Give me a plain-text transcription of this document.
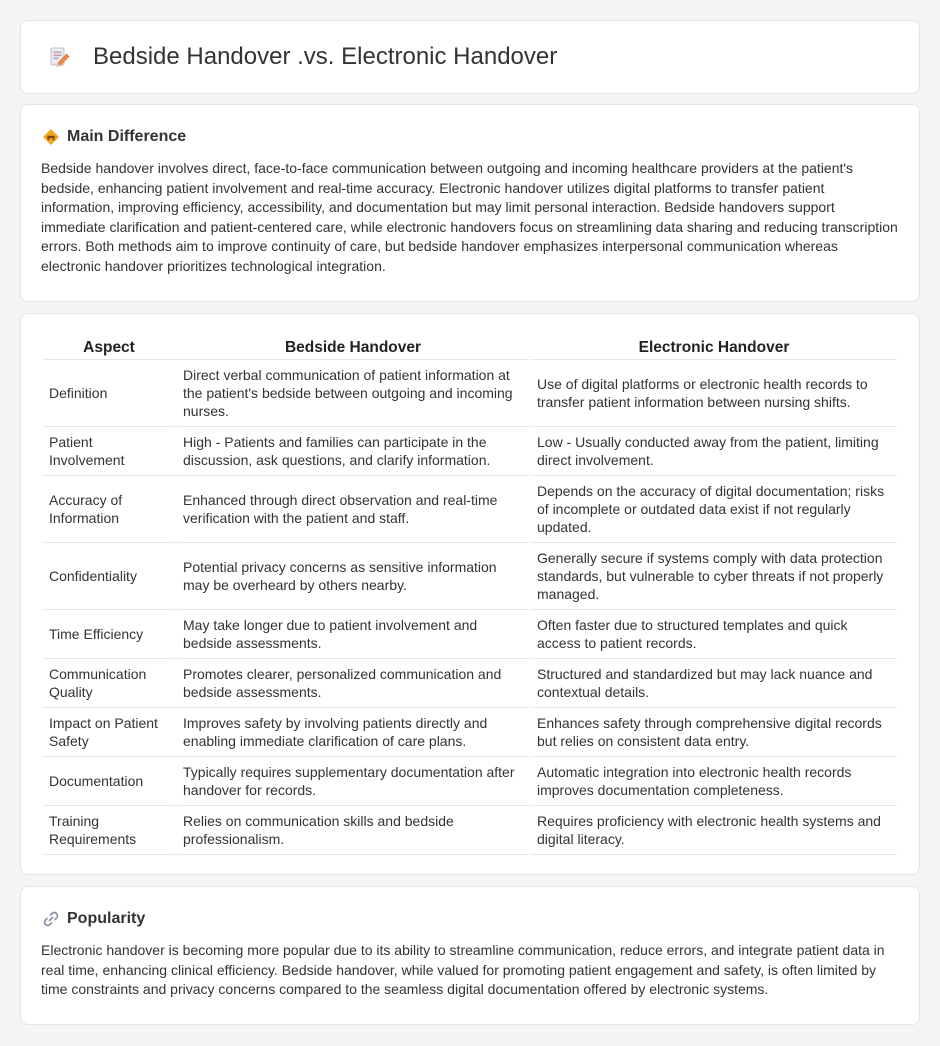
Bedside Handover .vs. Electronic Handover
Main Difference

Bedside handover involves direct, face-to-face communication between outgoing and incoming healthcare providers at the patient's bedside, enhancing patient involvement and real-time accuracy. Electronic handover utilizes digital platforms to transfer patient information, improving efficiency, accessibility, and documentation but may limit personal interaction. Bedside handovers support immediate clarification and patient-centered care, while electronic handovers focus on streamlining data sharing and reducing transcription errors. Both methods aim to improve continuity of care, but bedside handover emphasizes interpersonal communication whereas electronic handover prioritizes technological integration.

Aspect	Bedside Handover	Electronic Handover
Definition	Direct verbal communication of patient information at the patient's bedside between outgoing and incoming nurses.	Use of digital platforms or electronic health records to transfer patient information between nursing shifts.
Patient Involvement	High - Patients and families can participate in the discussion, ask questions, and clarify information.	Low - Usually conducted away from the patient, limiting direct involvement.
Accuracy of Information	Enhanced through direct observation and real-time verification with the patient and staff.	Depends on the accuracy of digital documentation; risks of incomplete or outdated data exist if not regularly updated.
Confidentiality	Potential privacy concerns as sensitive information may be overheard by others nearby.	Generally secure if systems comply with data protection standards, but vulnerable to cyber threats if not properly managed.
Time Efficiency	May take longer due to patient involvement and bedside assessments.	Often faster due to structured templates and quick access to patient records.
Communication Quality	Promotes clearer, personalized communication and bedside assessments.	Structured and standardized but may lack nuance and contextual details.
Impact on Patient Safety	Improves safety by involving patients directly and enabling immediate clarification of care plans.	Enhances safety through comprehensive digital records but relies on consistent data entry.
Documentation	Typically requires supplementary documentation after handover for records.	Automatic integration into electronic health records improves documentation completeness.
Training Requirements	Relies on communication skills and bedside professionalism.	Requires proficiency with electronic health systems and digital literacy.
Popularity

Electronic handover is becoming more popular due to its ability to streamline communication, reduce errors, and integrate patient data in real time, enhancing clinical efficiency. Bedside handover, while valued for promoting patient engagement and safety, is often limited by time constraints and privacy concerns compared to the seamless digital documentation offered by electronic systems.
